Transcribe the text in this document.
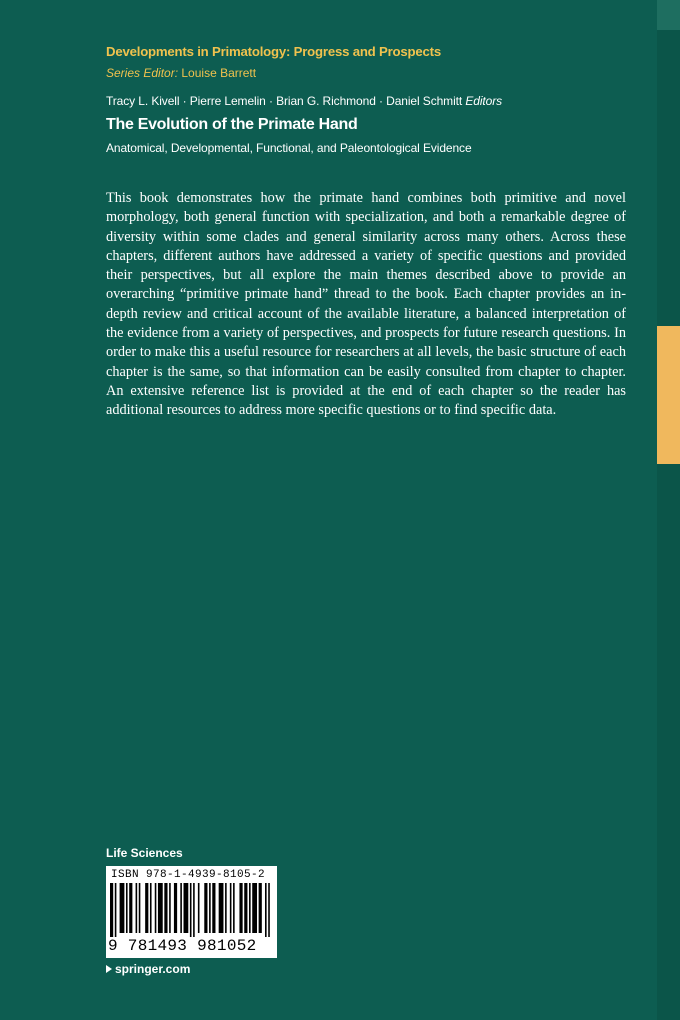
Developments in Primatology: Progress and Prospects
Series Editor: Louise Barrett
Tracy L. Kivell · Pierre Lemelin · Brian G. Richmond · Daniel Schmitt Editors
The Evolution of the Primate Hand
Anatomical, Developmental, Functional, and Paleontological Evidence
This book demonstrates how the primate hand combines both primitive and novel morphology, both general function with specialization, and both a remarkable degree of diversity within some clades and general similarity across many others. Across these chapters, different authors have addressed a variety of specific questions and provided their perspectives, but all explore the main themes described above to provide an overarching “primitive primate hand” thread to the book. Each chapter provides an in-depth review and critical account of the available literature, a balanced interpretation of the evidence from a variety of perspectives, and prospects for future research questions. In order to make this a useful resource for researchers at all levels, the basic structure of each chapter is the same, so that information can be easily consulted from chapter to chapter. An extensive reference list is provided at the end of each chapter so the reader has additional resources to address more specific questions or to find specific data.
Life Sciences
ISBN 978-1-4939-8105-2
9 781493 981052
springer.com
